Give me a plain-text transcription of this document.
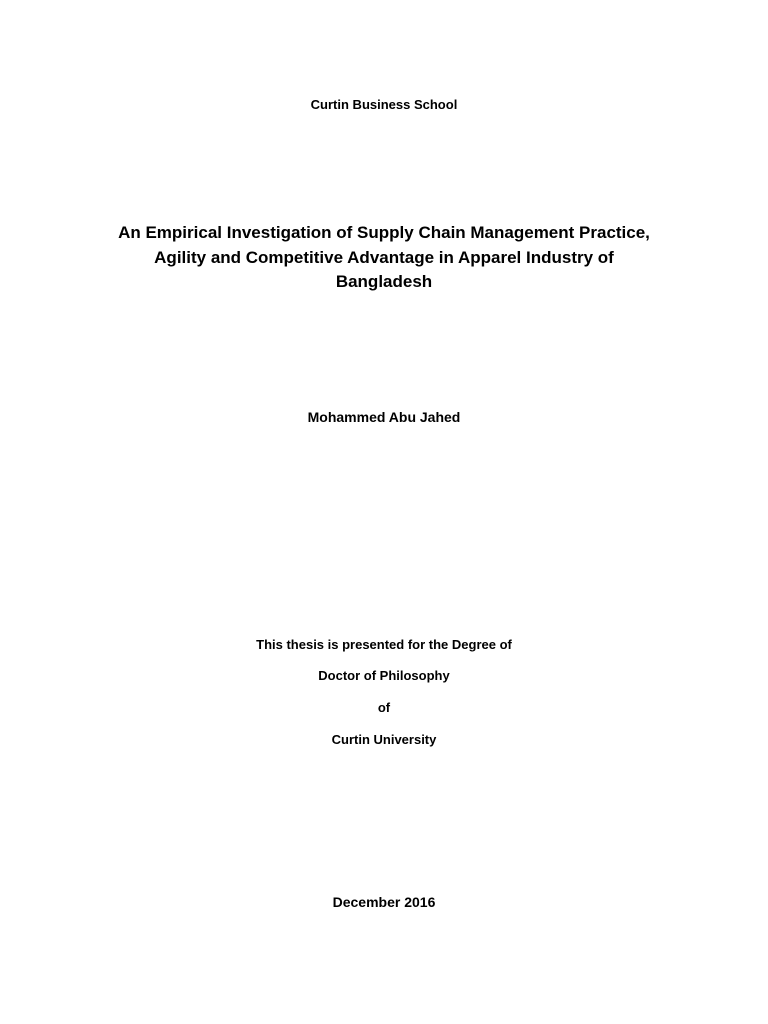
Curtin Business School
An Empirical Investigation of Supply Chain Management Practice,
Agility and Competitive Advantage in Apparel Industry of
Bangladesh
Mohammed Abu Jahed
This thesis is presented for the Degree of
Doctor of Philosophy
of
Curtin University
December 2016
